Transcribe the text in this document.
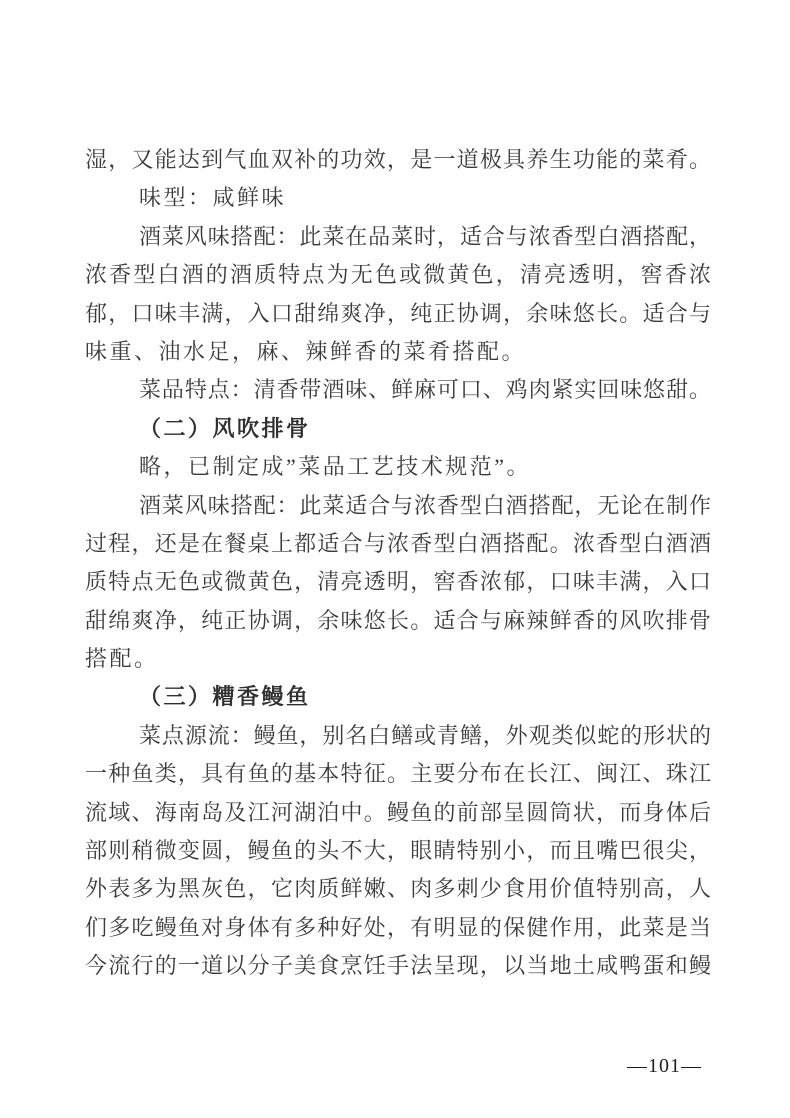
湿，又能达到气血双补的功效，是一道极具养生功能的菜肴。
味型：咸鲜味
酒菜风味搭配：此菜在品菜时，适合与浓香型白酒搭配，
浓香型白酒的酒质特点为无色或微黄色，清亮透明，窖香浓
郁，口味丰满，入口甜绵爽净，纯正协调，余味悠长。适合与
味重、油水足，麻、辣鲜香的菜肴搭配。
菜品特点：清香带酒味、鲜麻可口、鸡肉紧实回味悠甜。
（二）风吹排骨
略，已制定成”菜品工艺技术规范”。
酒菜风味搭配：此菜适合与浓香型白酒搭配，无论在制作
过程，还是在餐桌上都适合与浓香型白酒搭配。浓香型白酒酒
质特点无色或微黄色，清亮透明，窖香浓郁，口味丰满，入口
甜绵爽净，纯正协调，余味悠长。适合与麻辣鲜香的风吹排骨
搭配。
（三）糟香鳗鱼
菜点源流：鳗鱼，别名白鳝或青鳝，外观类似蛇的形状的
一种鱼类，具有鱼的基本特征。主要分布在长江、闽江、珠江
流域、海南岛及江河湖泊中。鳗鱼的前部呈圆筒状，而身体后
部则稍微变圆，鳗鱼的头不大，眼睛特别小，而且嘴巴很尖，
外表多为黑灰色，它肉质鲜嫩、肉多刺少食用价值特别高，人
们多吃鳗鱼对身体有多种好处，有明显的保健作用，此菜是当
今流行的一道以分子美食烹饪手法呈现，以当地土咸鸭蛋和鳗
—101—
